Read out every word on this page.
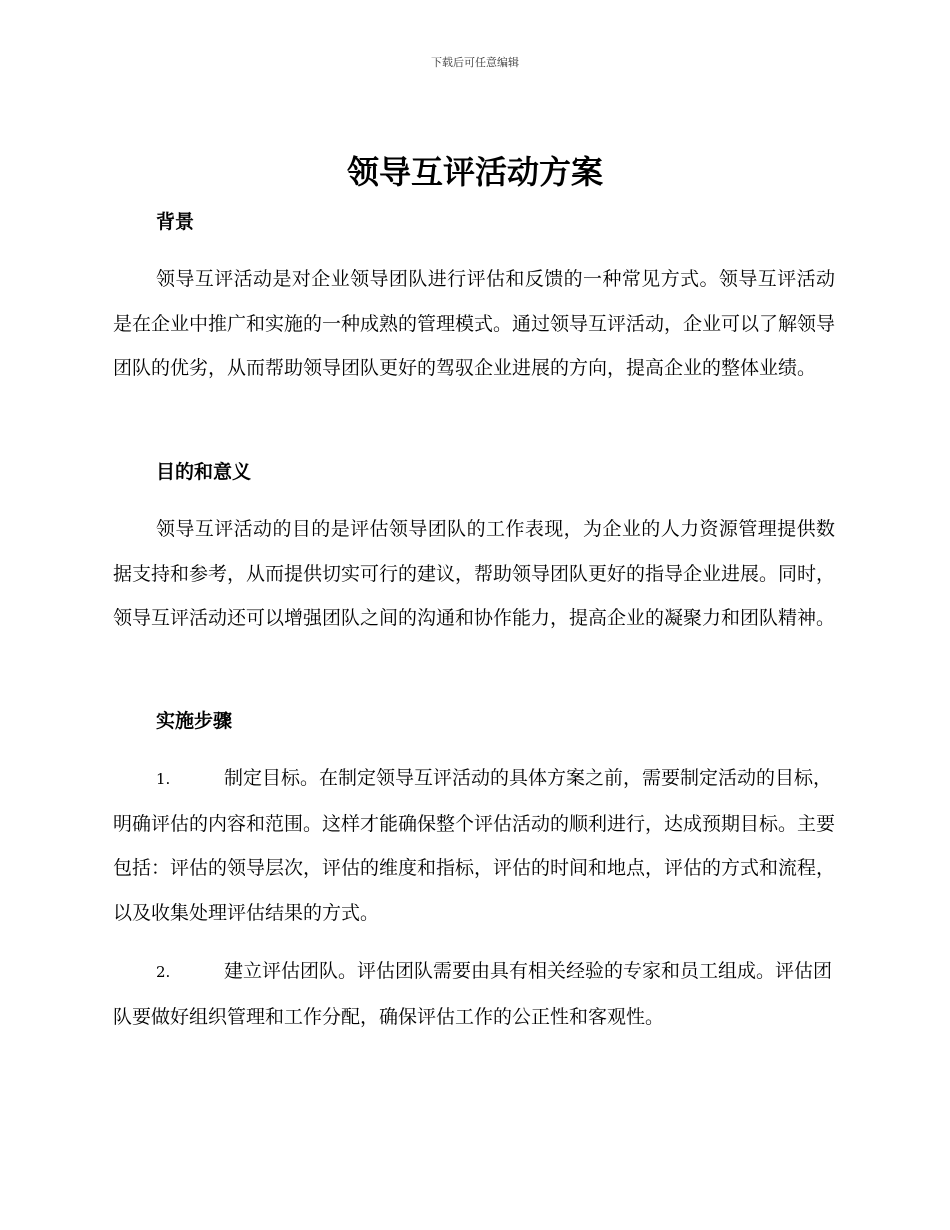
下载后可任意编辑
领导互评活动方案
背景

领导互评活动是对企业领导团队进行评估和反馈的一种常见方式。领导互评活动是在企业中推广和实施的一种成熟的管理模式。通过领导互评活动，企业可以了解领导团队的优劣，从而帮助领导团队更好的驾驭企业进展的方向，提高企业的整体业绩。

目的和意义

领导互评活动的目的是评估领导团队的工作表现，为企业的人力资源管理提供数据支持和参考，从而提供切实可行的建议，帮助领导团队更好的指导企业进展。同时，领导互评活动还可以增强团队之间的沟通和协作能力，提高企业的凝聚力和团队精神。

实施步骤

1.	制定目标。在制定领导互评活动的具体方案之前，需要制定活动的目标，明确评估的内容和范围。这样才能确保整个评估活动的顺利进行，达成预期目标。主要包括：评估的领导层次，评估的维度和指标，评估的时间和地点，评估的方式和流程，以及收集处理评估结果的方式。

2.	建立评估团队。评估团队需要由具有相关经验的专家和员工组成。评估团队要做好组织管理和工作分配，确保评估工作的公正性和客观性。
